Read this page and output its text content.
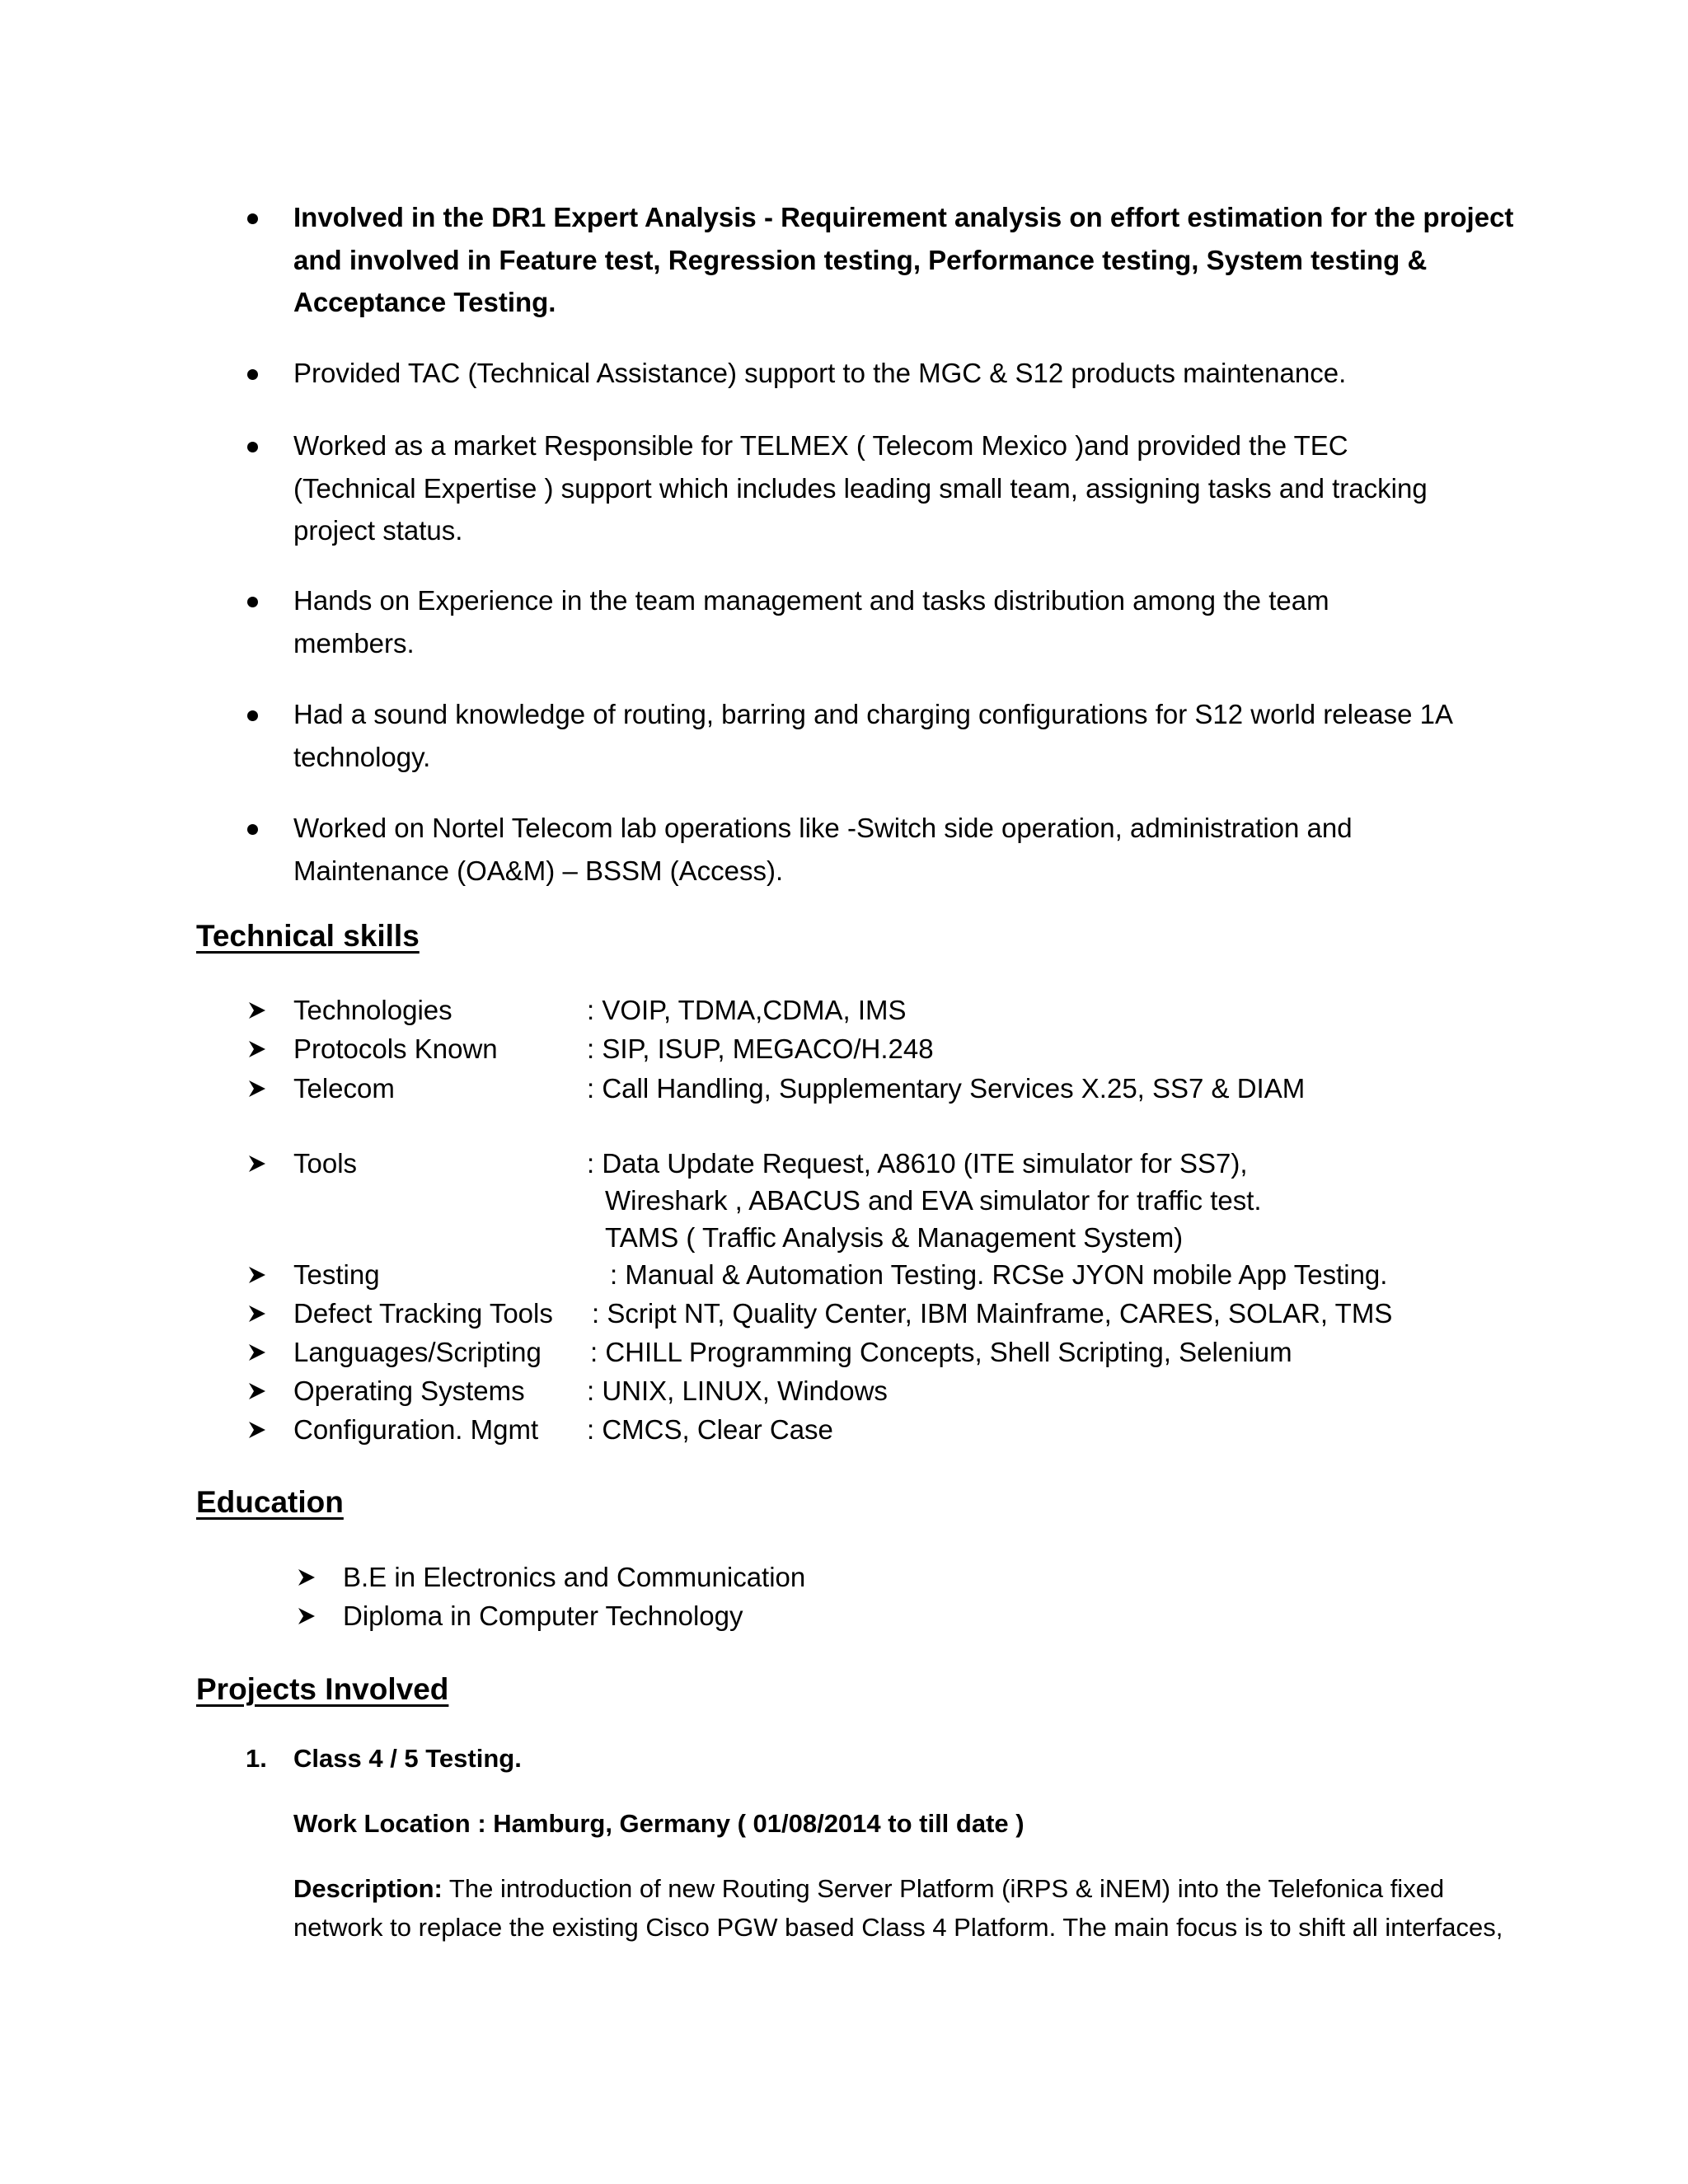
Involved in the DR1 Expert Analysis - Requirement analysis on effort estimation for the project
and involved in Feature test, Regression testing, Performance testing, System testing &
Acceptance Testing.
Provided TAC (Technical Assistance) support to the MGC & S12 products maintenance.
Worked as a market Responsible for TELMEX ( Telecom Mexico )and provided the TEC
(Technical Expertise ) support which includes leading small team, assigning tasks and tracking
project status.
Hands on Experience in the team management and tasks distribution among the team
members.
Had a sound knowledge of routing, barring and charging configurations for S12 world release 1A
technology.
Worked on Nortel Telecom lab operations like -Switch side operation, administration and
Maintenance (OA&M) – BSSM (Access).
Technical skills
Technologies	: VOIP, TDMA,CDMA, IMS
Protocols Known	: SIP, ISUP, MEGACO/H.248
Telecom	: Call Handling, Supplementary Services X.25, SS7 & DIAM
Tools	: Data Update Request, A8610 (ITE simulator for SS7),
Wireshark , ABACUS and EVA simulator for traffic test.
TAMS ( Traffic Analysis & Management System)
Testing	: Manual & Automation Testing. RCSe JYON mobile App Testing.
Defect Tracking Tools : Script NT, Quality Center, IBM Mainframe, CARES, SOLAR, TMS
Languages/Scripting : CHILL Programming Concepts, Shell Scripting, Selenium
Operating Systems : UNIX, LINUX, Windows
Configuration. Mgmt : CMCS, Clear Case
Education
B.E in Electronics and Communication
Diploma in Computer Technology
Projects Involved
1. Class 4 / 5 Testing.
Work Location : Hamburg, Germany ( 01/08/2014 to till date )
Description: The introduction of new Routing Server Platform (iRPS & iNEM) into the Telefonica fixed
network to replace the existing Cisco PGW based Class 4 Platform. The main focus is to shift all interfaces,
